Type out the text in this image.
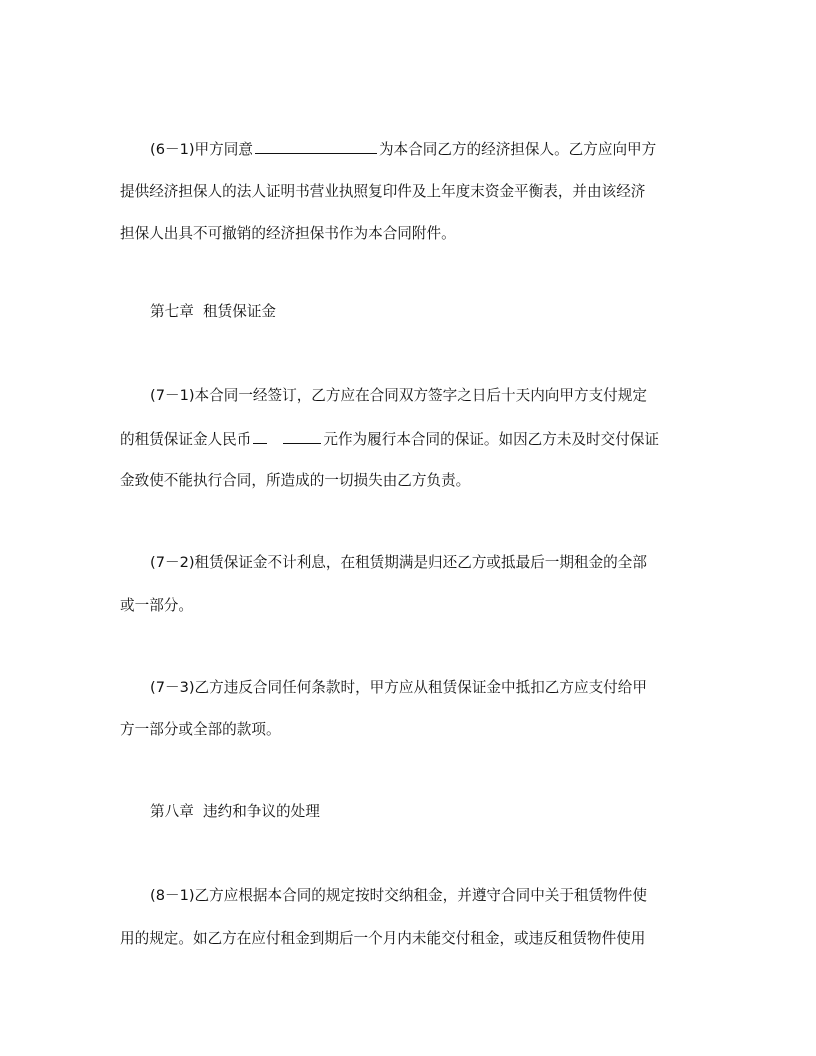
(6－1)甲方同意	为本合同乙方的经济担保人。乙方应向甲方
提供经济担保人的法人证明书营业执照复印件及上年度末资金平衡表，并由该经济
担保人出具不可撤销的经济担保书作为本合同附件。
第七章  租赁保证金
(7－1)本合同一经签订，乙方应在合同双方签字之日后十天内向甲方支付规定
的租赁保证金人民币	元作为履行本合同的保证。如因乙方未及时交付保证
金致使不能执行合同，所造成的一切损失由乙方负责。
(7－2)租赁保证金不计利息，在租赁期满是归还乙方或抵最后一期租金的全部
或一部分。
(7－3)乙方违反合同任何条款时，甲方应从租赁保证金中抵扣乙方应支付给甲
方一部分或全部的款项。
第八章  违约和争议的处理
(8－1)乙方应根据本合同的规定按时交纳租金，并遵守合同中关于租赁物件使
用的规定。如乙方在应付租金到期后一个月内未能交付租金，或违反租赁物件使用
